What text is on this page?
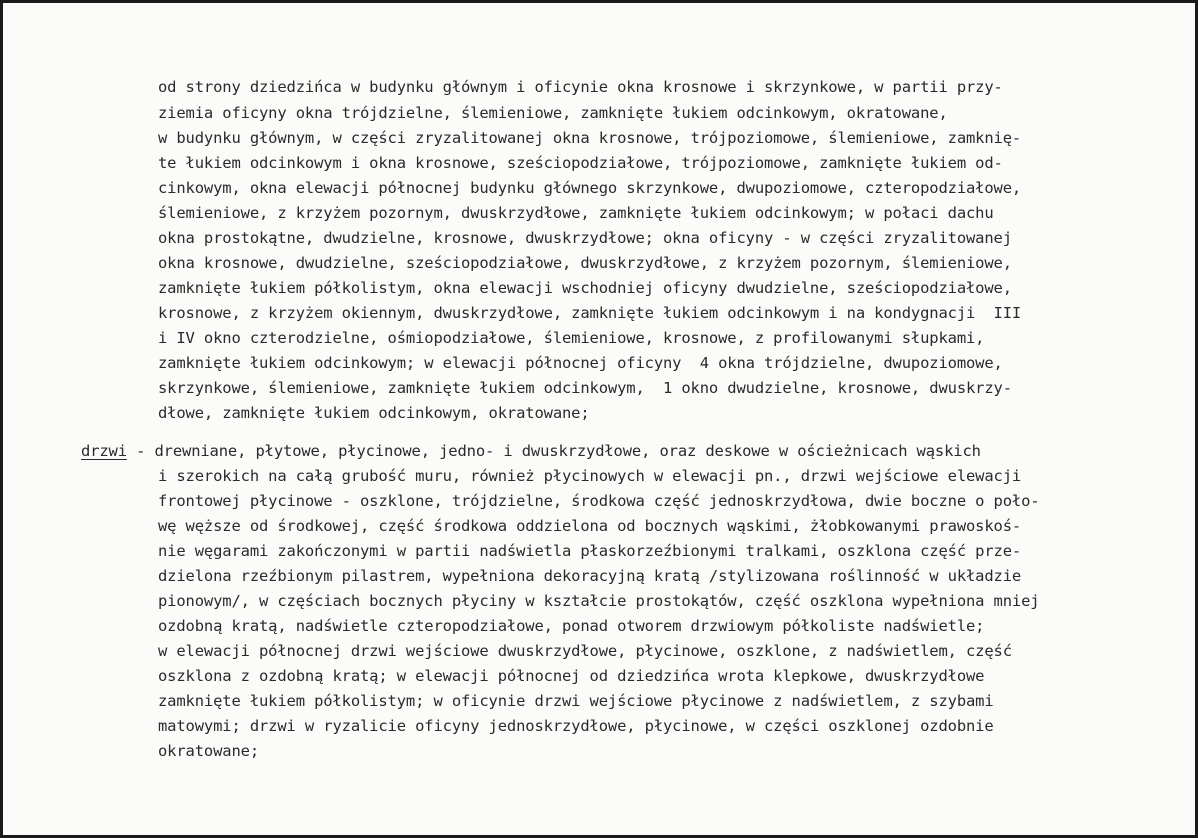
od strony dziedzińca w budynku głównym i oficynie okna krosnowe i skrzynkowe, w partii przy-

ziemia oficyny okna trójdzielne, ślemieniowe, zamknięte łukiem odcinkowym, okratowane,

w budynku głównym, w części zryzalitowanej okna krosnowe, trójpoziomowe, ślemieniowe, zamknię-

te łukiem odcinkowym i okna krosnowe, sześciopodziałowe, trójpoziomowe, zamknięte łukiem od-

cinkowym, okna elewacji północnej budynku głównego skrzynkowe, dwupoziomowe, czteropodziałowe,

ślemieniowe, z krzyżem pozornym, dwuskrzydłowe, zamknięte łukiem odcinkowym; w połaci dachu

okna prostokątne, dwudzielne, krosnowe, dwuskrzydłowe; okna oficyny - w części zryzalitowanej

okna krosnowe, dwudzielne, sześciopodziałowe, dwuskrzydłowe, z krzyżem pozornym, ślemieniowe,

zamknięte łukiem półkolistym, okna elewacji wschodniej oficyny dwudzielne, sześciopodziałowe,

krosnowe, z krzyżem okiennym, dwuskrzydłowe, zamknięte łukiem odcinkowym i na kondygnacji  III

i IV okno czterodzielne, ośmiopodziałowe, ślemieniowe, krosnowe, z profilowanymi słupkami,

zamknięte łukiem odcinkowym; w elewacji północnej oficyny  4 okna trójdzielne, dwupoziomowe,

skrzynkowe, ślemieniowe, zamknięte łukiem odcinkowym,  1 okno dwudzielne, krosnowe, dwuskrzy-

dłowe, zamknięte łukiem odcinkowym, okratowane;

drzwi - drewniane, płytowe, płycinowe, jedno- i dwuskrzydłowe, oraz deskowe w ościeżnicach wąskich

i szerokich na całą grubość muru, również płycinowych w elewacji pn., drzwi wejściowe elewacji

frontowej płycinowe - oszklone, trójdzielne, środkowa część jednoskrzydłowa, dwie boczne o poło-

wę węższe od środkowej, część środkowa oddzielona od bocznych wąskimi, żłobkowanymi prawoskoś-

nie węgarami zakończonymi w partii nadświetla płaskorzeźbionymi tralkami, oszklona część prze-

dzielona rzeźbionym pilastrem, wypełniona dekoracyjną kratą /stylizowana roślinność w układzie

pionowym/, w częściach bocznych płyciny w kształcie prostokątów, część oszklona wypełniona mniej

ozdobną kratą, nadświetle czteropodziałowe, ponad otworem drzwiowym półkoliste nadświetle;

w elewacji północnej drzwi wejściowe dwuskrzydłowe, płycinowe, oszklone, z nadświetlem, część

oszklona z ozdobną kratą; w elewacji północnej od dziedzińca wrota klepkowe, dwuskrzydłowe

zamknięte łukiem półkolistym; w oficynie drzwi wejściowe płycinowe z nadświetlem, z szybami

matowymi; drzwi w ryzalicie oficyny jednoskrzydłowe, płycinowe, w części oszklonej ozdobnie

okratowane;
